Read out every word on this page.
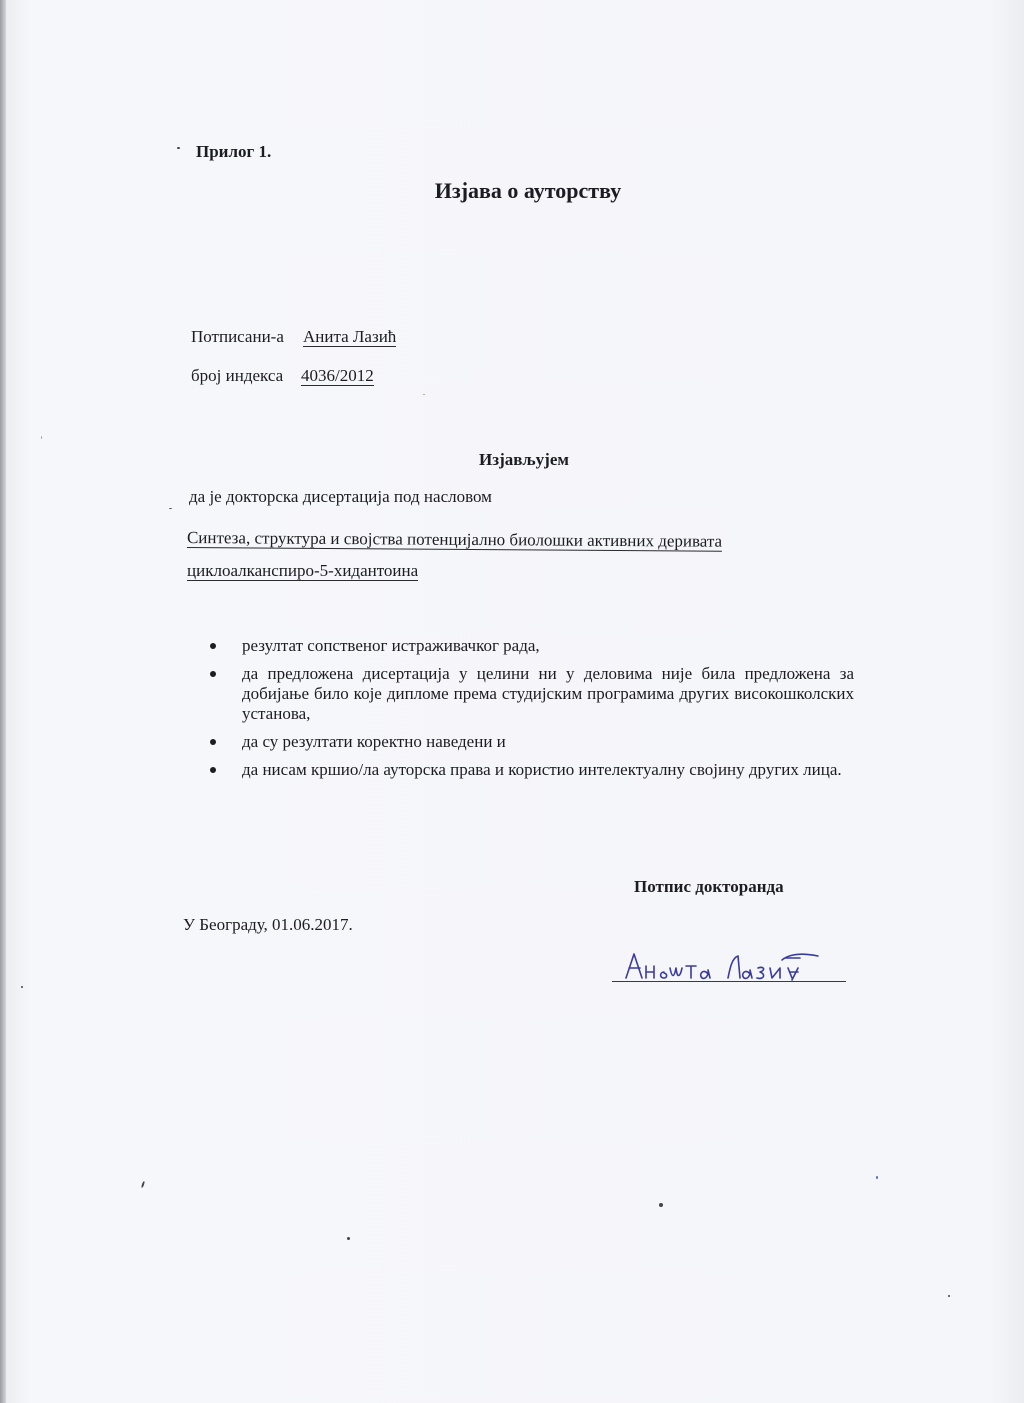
Прилог 1.
Изјава о ауторству
Потписани-а Анита Лазић
број индекса 4036/2012
Изјављујем
да је докторска дисертација под насловом
Синтеза, структура и својства потенцијално биолошки активних деривата
циклоалканспиро-5-хидантоина
резултат сопственог истраживачког рада,
да предложена дисертација у целини ни у деловима није била предложена за добијање било које дипломе према студијским програмима других високошколских установа,
да су резултати коректно наведени и
да нисам кршио/ла ауторска права и користио интелектуалну својину других лица.
Потпис докторанда
У Београду, 01.06.2017.
